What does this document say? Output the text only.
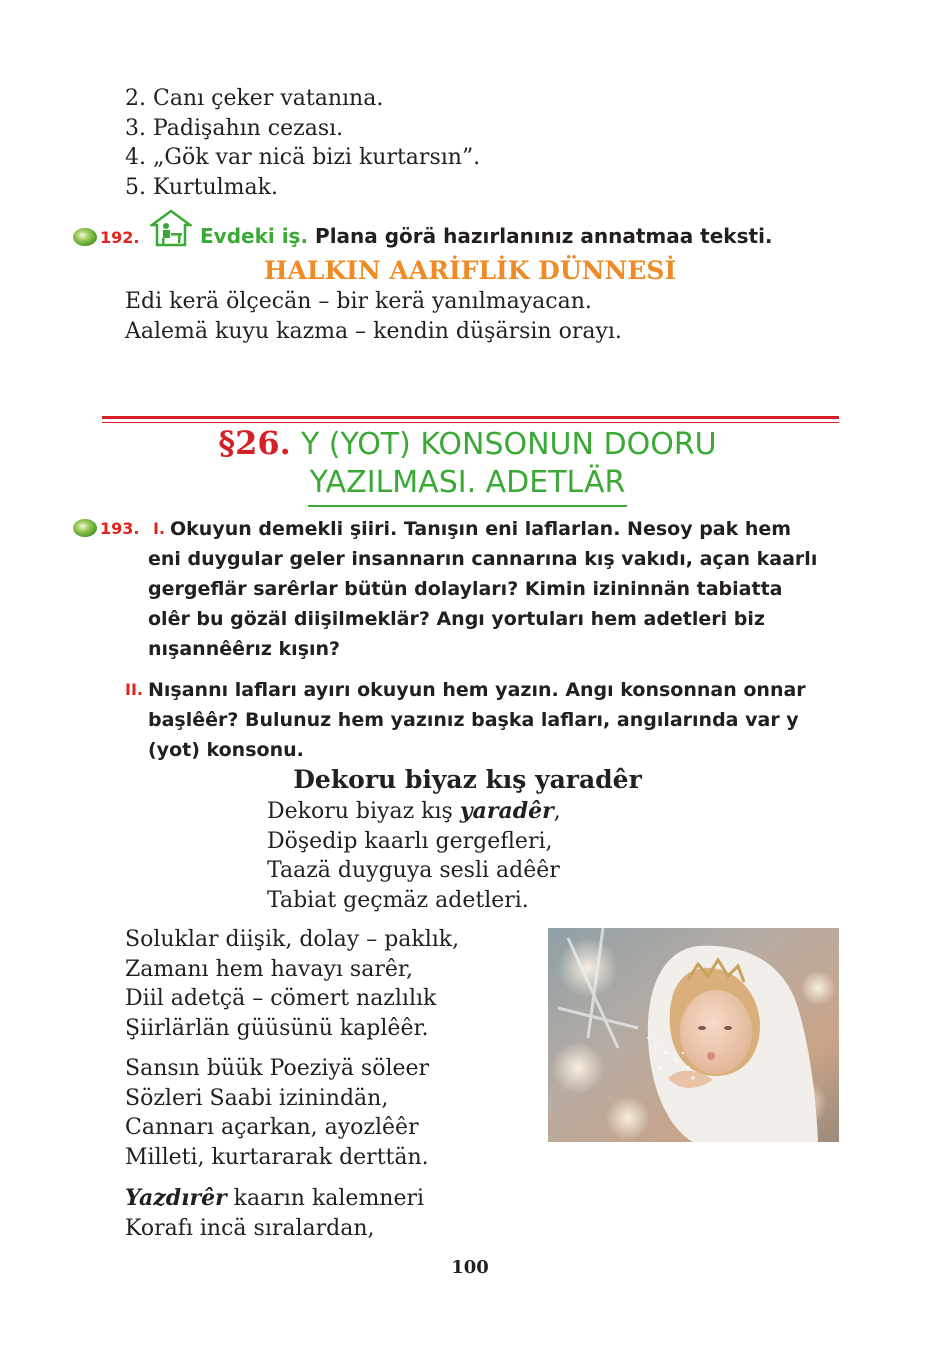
2. Canı çeker vatanına.
3. Padişahın cezası.
4. „Gök var nicä bizi kurtarsın”.
5. Kurtulmak.
192.	Evdeki iş. Plana görä hazırlanınız annatmaa teksti.
HALKIN AARİFLİK DÜNNESİ
Edi kerä ölçecän – bir kerä yanılmayacan.
Aalemä kuyu kazma – kendin düşärsin orayı.
§26. Y (YOT) KONSONUN DOORU
YAZILMASI. ADETLÄR
193. I. Okuyun demekli şiiri. Tanışın eni laflarlan. Nesoy pak hem
eni duygular geler insannarın cannarına kış vakıdı, açan kaarlı
gergeflär sarêrlar bütün dolayları? Kimin izininnän tabiatta
olêr bu gözäl diişilmeklär? Angı yortuları hem adetleri biz
nışannêêrız kışın?
II. Nışannı lafları ayırı okuyun hem yazın. Angı konsonnan onnar
başlêêr? Bulunuz hem yazınız başka lafları, angılarında var y
(yot) konsonu.
Dekoru biyaz kış yaradêr
Dekoru biyaz kış yaradêr,
Döşedip kaarlı gergefleri,
Taazä duyguya sesli adêêr
Tabiat geçmäz adetleri.
Soluklar diişik, dolay – paklık,
Zamanı hem havayı sarêr,
Diil adetçä – cömert nazlılık
Şiirlärlän güüsünü kaplêêr.
Sansın büük Poeziyä söleer
Sözleri Saabi izinindän,
Cannarı açarkan, ayozlêêr
Milleti, kurtararak derttän.
Yazdırêr kaarın kalemneri
Korafı incä sıralardan,
100
